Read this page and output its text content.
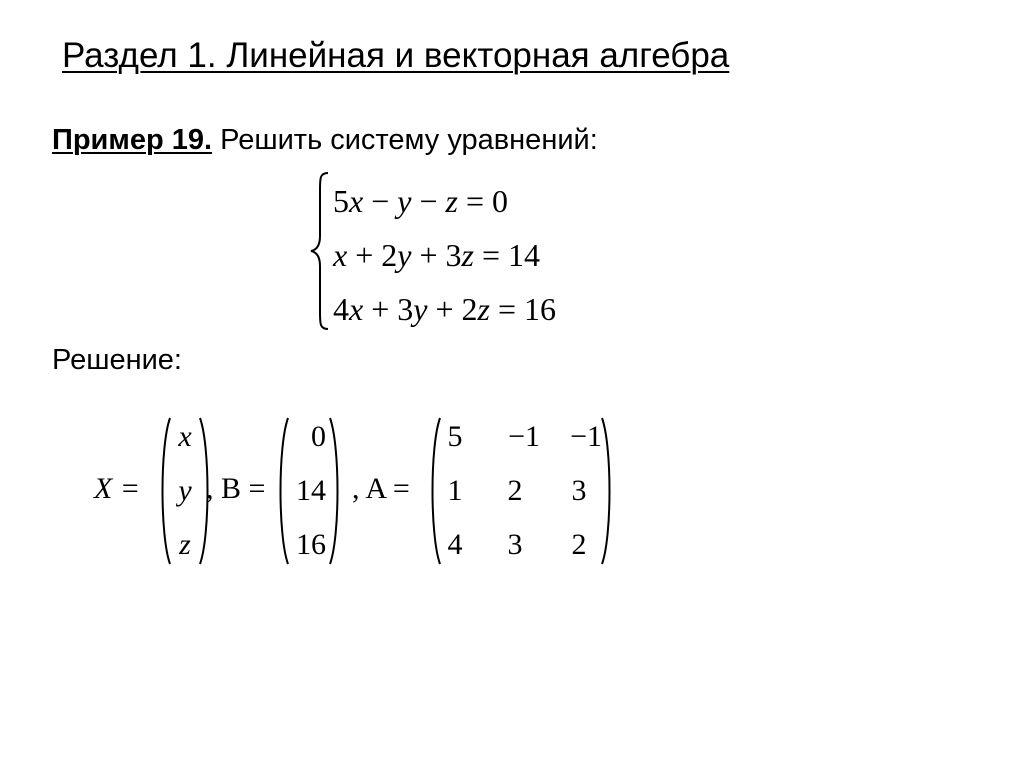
Раздел 1. Линейная и векторная алгебра
Пример 19. Решить систему уравнений:
5x − y − z = 0
x + 2y + 3z = 14
4x + 3y + 2z = 16
Решение:
X =
x
y
z
, B =
0
14
16
, A =
5	−1	−1
1 2 3
4 3 2
